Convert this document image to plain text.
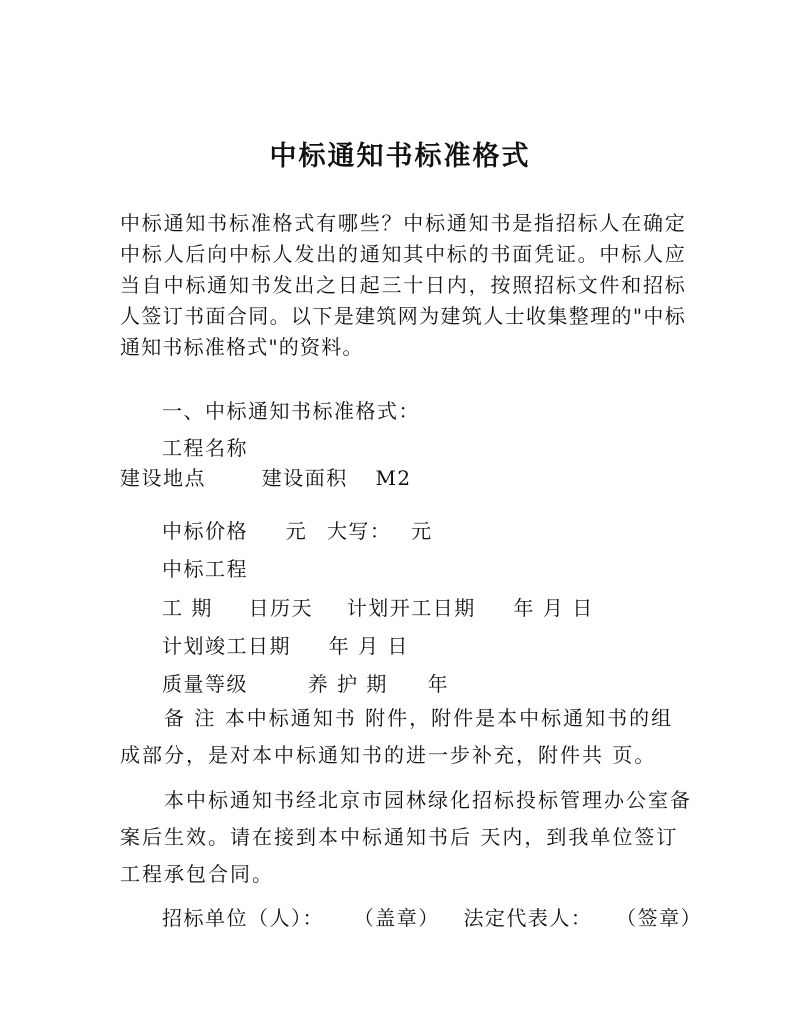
中标通知书标准格式
中标通知书标准格式有哪些？中标通知书是指招标人在确定中标人后向中标人发出的通知其中标的书面凭证。中标人应当自中标通知书发出之日起三十日内，按照招标文件和招标人签订书面合同。以下是建筑网为建筑人士收集整理的"中标通知书标准格式"的资料。
一、中标通知书标准格式：
工程名称
建设地点	建设面积 M2
中标价格 元 大写： 元
中标工程
工 期 日历天 计划开工日期 年 月 日
计划竣工日期 年 月 日
质量等级	养 护 期 年
备 注 本中标通知书 附件，附件是本中标通知书的组成部分，是对本中标通知书的进一步补充，附件共 页。
本中标通知书经北京市园林绿化招标投标管理办公室备案后生效。请在接到本中标通知书后 天内，到我单位签订工程承包合同。
招标单位（人）： （盖章） 法定代表人： （签章）
